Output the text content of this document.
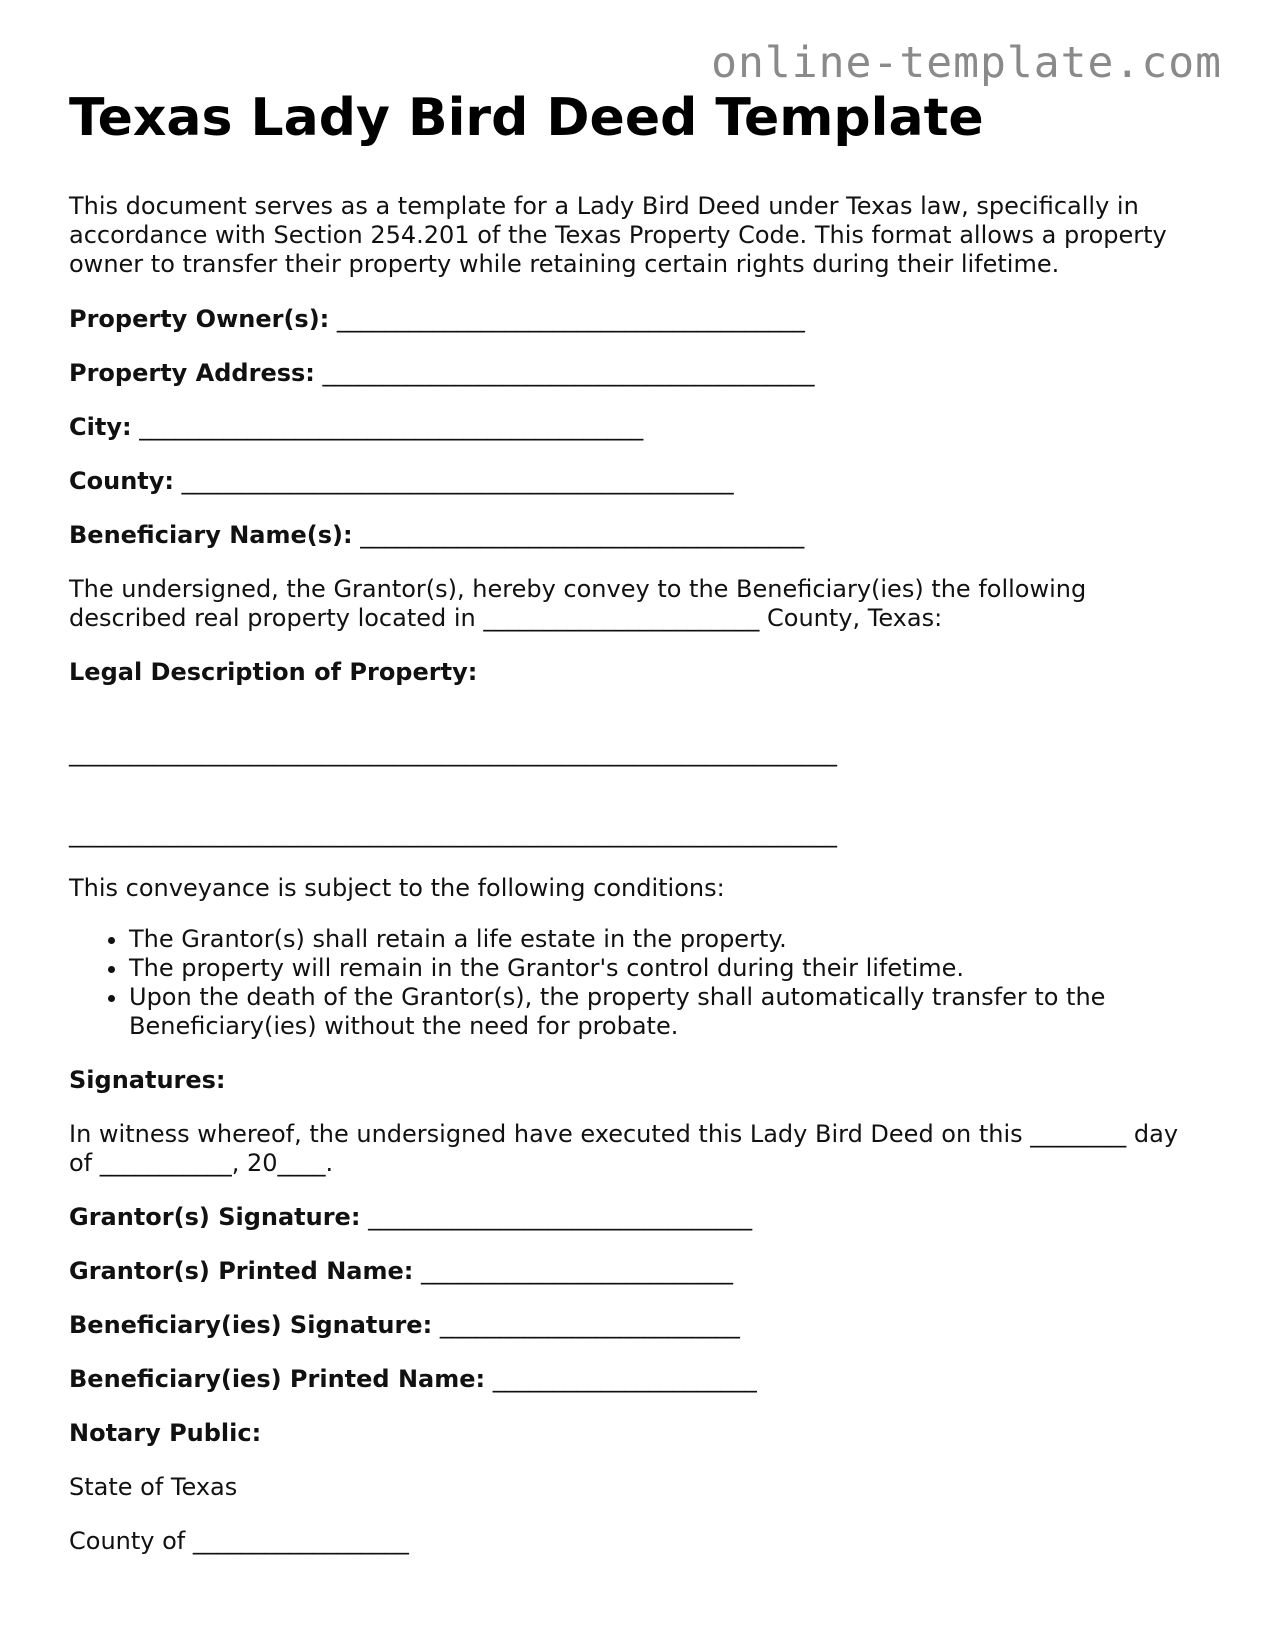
online-template.com
Texas Lady Bird Deed Template

This document serves as a template for a Lady Bird Deed under Texas law, specifically in accordance with Section 254.201 of the Texas Property Code. This format allows a property owner to transfer their property while retaining certain rights during their lifetime.

Property Owner(s): _______________________________________
Property Address: _________________________________________
City: __________________________________________
County: ______________________________________________
Beneficiary Name(s): _____________________________________

The undersigned, the Grantor(s), hereby convey to the Beneficiary(ies) the following described real property located in _______________________ County, Texas:

Legal Description of Property:
________________________________________________________________
________________________________________________________________

This conveyance is subject to the following conditions:

• The Grantor(s) shall retain a life estate in the property.
• The property will remain in the Grantor's control during their lifetime.
• Upon the death of the Grantor(s), the property shall automatically transfer to the Beneficiary(ies) without the need for probate.
Signatures:

In witness whereof, the undersigned have executed this Lady Bird Deed on this ________ day of ___________, 20____.

Grantor(s) Signature: ________________________________
Grantor(s) Printed Name: __________________________
Beneficiary(ies) Signature: _________________________
Beneficiary(ies) Printed Name: ______________________
Notary Public:

State of Texas

County of __________________
